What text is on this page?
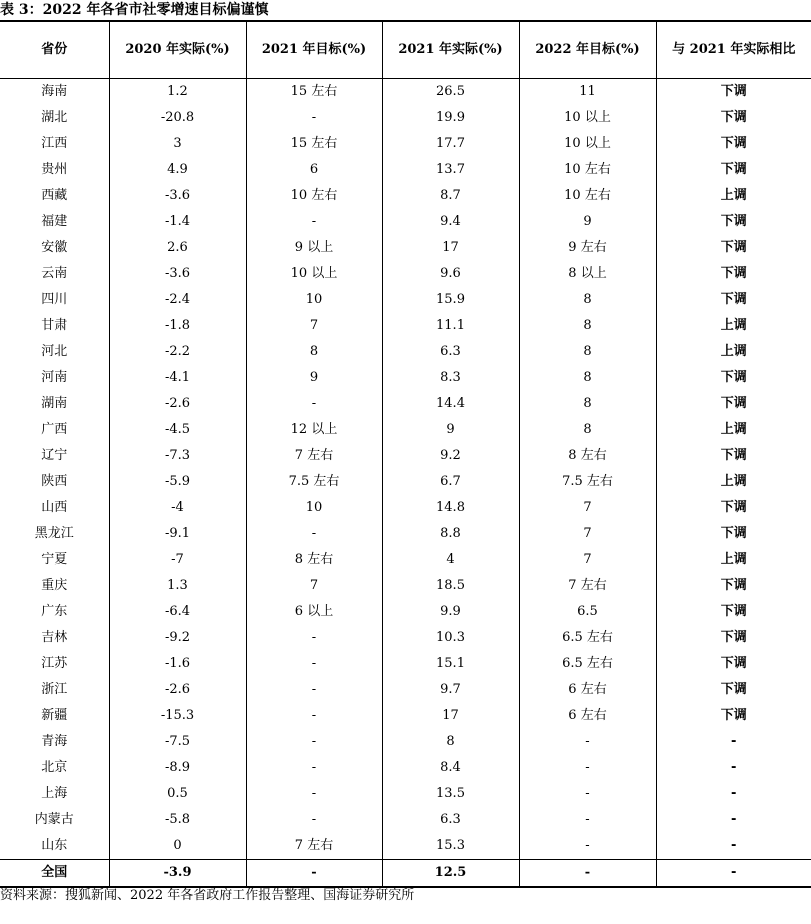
表 3：2022 年各省市社零增速目标偏谨慎
省份	2020 年实际(%)	2021 年目标(%)	2021 年实际(%)	2022 年目标(%)	与 2021 年实际相比
海南	1.2	15 左右	26.5	11	下调
湖北	-20.8	-	19.9	10 以上	下调
江西	3	15 左右	17.7	10 以上	下调
贵州	4.9	6	13.7	10 左右	下调
西藏	-3.6	10 左右	8.7	10 左右	上调
福建	-1.4	-	9.4	9	下调
安徽	2.6	9 以上	17	9 左右	下调
云南	-3.6	10 以上	9.6	8 以上	下调
四川	-2.4	10	15.9	8	下调
甘肃	-1.8	7	11.1	8	上调
河北	-2.2	8	6.3	8	上调
河南	-4.1	9	8.3	8	下调
湖南	-2.6	-	14.4	8	下调
广西	-4.5	12 以上	9	8	上调
辽宁	-7.3	7 左右	9.2	8 左右	下调
陕西	-5.9	7.5 左右	6.7	7.5 左右	上调
山西	-4	10	14.8	7	下调
黑龙江	-9.1	-	8.8	7	下调
宁夏	-7	8 左右	4	7	上调
重庆	1.3	7	18.5	7 左右	下调
广东	-6.4	6 以上	9.9	6.5	下调
吉林	-9.2	-	10.3	6.5 左右	下调
江苏	-1.6	-	15.1	6.5 左右	下调
浙江	-2.6	-	9.7	6 左右	下调
新疆	-15.3	-	17	6 左右	下调
青海	-7.5	-	8	-	-
北京	-8.9	-	8.4	-	-
上海	0.5	-	13.5	-	-
内蒙古	-5.8	-	6.3	-	-
山东	0	7 左右	15.3	-	-
全国	-3.9	-	12.5	-	-
资料来源：搜狐新闻、2022 年各省政府工作报告整理、国海证券研究所
